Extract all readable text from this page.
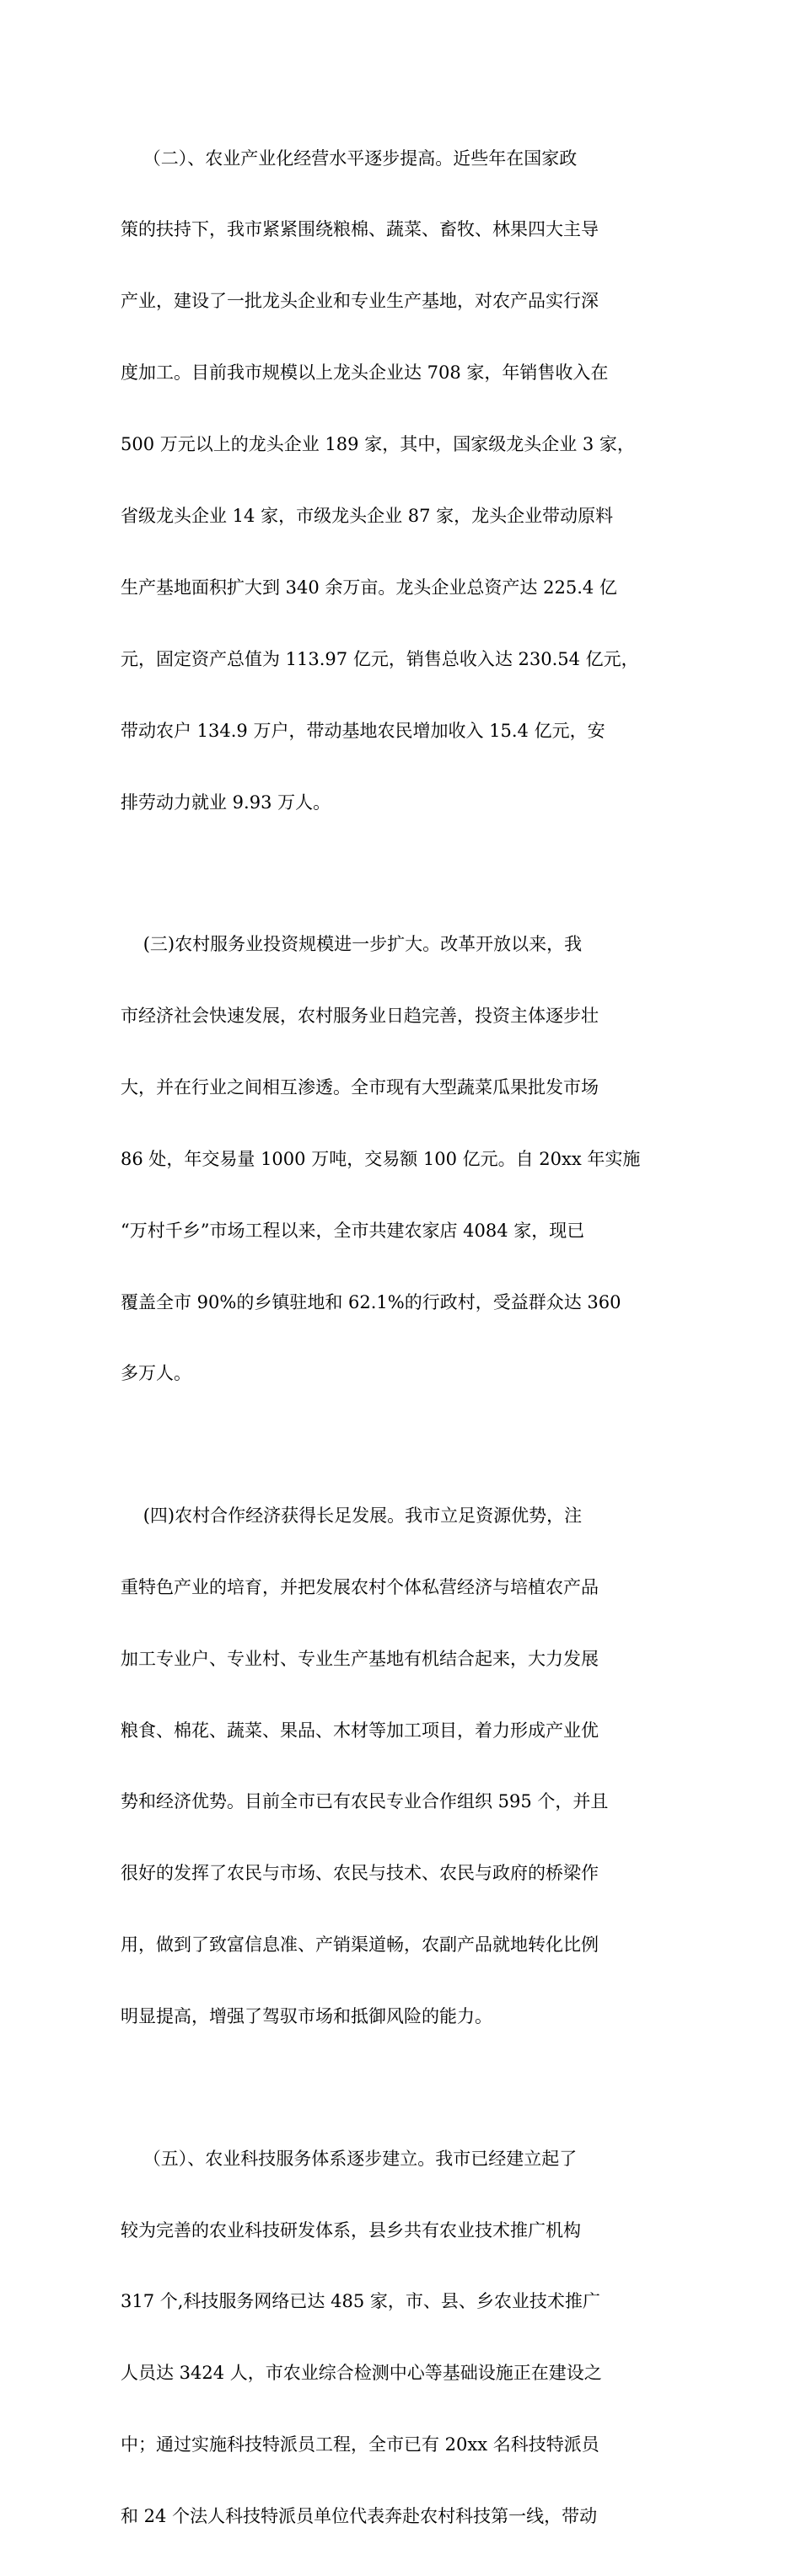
（二）、农业产业化经营水平逐步提高。近些年在国家政

策的扶持下，我市紧紧围绕粮棉、蔬菜、畜牧、林果四大主导

产业，建设了一批龙头企业和专业生产基地，对农产品实行深

度加工。目前我市规模以上龙头企业达 708 家，年销售收入在

500 万元以上的龙头企业 189 家，其中，国家级龙头企业 3 家，

省级龙头企业 14 家，市级龙头企业 87 家，龙头企业带动原料

生产基地面积扩大到 340 余万亩。龙头企业总资产达 225.4 亿

元，固定资产总值为 113.97 亿元，销售总收入达 230.54 亿元，

带动农户 134.9 万户，带动基地农民增加收入 15.4 亿元，安

排劳动力就业 9.93 万人。

(三)农村服务业投资规模进一步扩大。改革开放以来，我

市经济社会快速发展，农村服务业日趋完善，投资主体逐步壮

大，并在行业之间相互渗透。全市现有大型蔬菜瓜果批发市场

86 处，年交易量 1000 万吨，交易额 100 亿元。自 20xx 年实施

“万村千乡”市场工程以来，全市共建农家店 4084 家，现已

覆盖全市 90%的乡镇驻地和 62.1%的行政村，受益群众达 360

多万人。

(四)农村合作经济获得长足发展。我市立足资源优势，注

重特色产业的培育，并把发展农村个体私营经济与培植农产品

加工专业户、专业村、专业生产基地有机结合起来，大力发展

粮食、棉花、蔬菜、果品、木材等加工项目，着力形成产业优

势和经济优势。目前全市已有农民专业合作组织 595 个，并且

很好的发挥了农民与市场、农民与技术、农民与政府的桥梁作

用，做到了致富信息准、产销渠道畅，农副产品就地转化比例

明显提高，增强了驾驭市场和抵御风险的能力。

（五）、农业科技服务体系逐步建立。我市已经建立起了

较为完善的农业科技研发体系，县乡共有农业技术推广机构

317 个,科技服务网络已达 485 家，市、县、乡农业技术推广

人员达 3424 人，市农业综合检测中心等基础设施正在建设之

中；通过实施科技特派员工程，全市已有 20xx 名科技特派员

和 24 个法人科技特派员单位代表奔赴农村科技第一线，带动
